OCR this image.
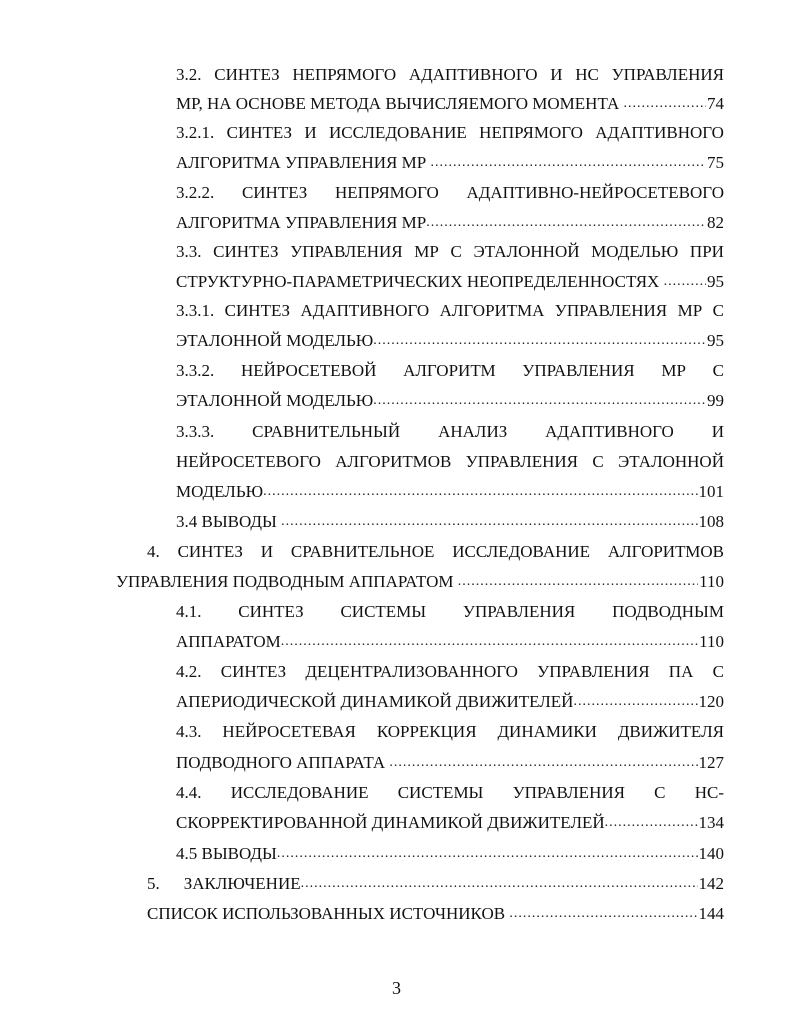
3.2. СИНТЕЗ НЕПРЯМОГО АДАПТИВНОГО И НС УПРАВЛЕНИЯ
МР, НА ОСНОВЕ МЕТОДА ВЫЧИСЛЯЕМОГО МОМЕНТА .....	74
3.2.1. СИНТЕЗ И ИССЛЕДОВАНИЕ НЕПРЯМОГО АДАПТИВНОГО
АЛГОРИТМА УПРАВЛЕНИЯ МР .....	75
3.2.2. СИНТЕЗ НЕПРЯМОГО АДАПТИВНО-НЕЙРОСЕТЕВОГО
АЛГОРИТМА УПРАВЛЕНИЯ МР .....	82
3.3. СИНТЕЗ УПРАВЛЕНИЯ МР С ЭТАЛОННОЙ МОДЕЛЬЮ ПРИ
СТРУКТУРНО-ПАРАМЕТРИЧЕСКИХ НЕОПРЕДЕЛЕННОСТЯХ .....	95
3.3.1. СИНТЕЗ АДАПТИВНОГО АЛГОРИТМА УПРАВЛЕНИЯ МР С
ЭТАЛОННОЙ МОДЕЛЬЮ .....	95
3.3.2. НЕЙРОСЕТЕВОЙ АЛГОРИТМ УПРАВЛЕНИЯ МР С
ЭТАЛОННОЙ МОДЕЛЬЮ .....	99
3.3.3. СРАВНИТЕЛЬНЫЙ АНАЛИЗ АДАПТИВНОГО И
НЕЙРОСЕТЕВОГО АЛГОРИТМОВ УПРАВЛЕНИЯ С ЭТАЛОННОЙ
МОДЕЛЬЮ .....	101
3.4 ВЫВОДЫ .....	108
4. СИНТЕЗ И СРАВНИТЕЛЬНОЕ ИССЛЕДОВАНИЕ АЛГОРИТМОВ
УПРАВЛЕНИЯ ПОДВОДНЫМ АППАРАТОМ .....	110
4.1. СИНТЕЗ СИСТЕМЫ УПРАВЛЕНИЯ ПОДВОДНЫМ
АППАРАТОМ .....	110
4.2. СИНТЕЗ ДЕЦЕНТРАЛИЗОВАННОГО УПРАВЛЕНИЯ ПА С
АПЕРИОДИЧЕСКОЙ ДИНАМИКОЙ ДВИЖИТЕЛЕЙ .....	120
4.3. НЕЙРОСЕТЕВАЯ КОРРЕКЦИЯ ДИНАМИКИ ДВИЖИТЕЛЯ
ПОДВОДНОГО АППАРАТА .....	127
4.4. ИССЛЕДОВАНИЕ СИСТЕМЫ УПРАВЛЕНИЯ С НС-
СКОРРЕКТИРОВАННОЙ ДИНАМИКОЙ ДВИЖИТЕЛЕЙ .....	134
4.5 ВЫВОДЫ .....	140
5.	ЗАКЛЮЧЕНИЕ .....	142
СПИСОК ИСПОЛЬЗОВАННЫХ ИСТОЧНИКОВ .....	144
3
